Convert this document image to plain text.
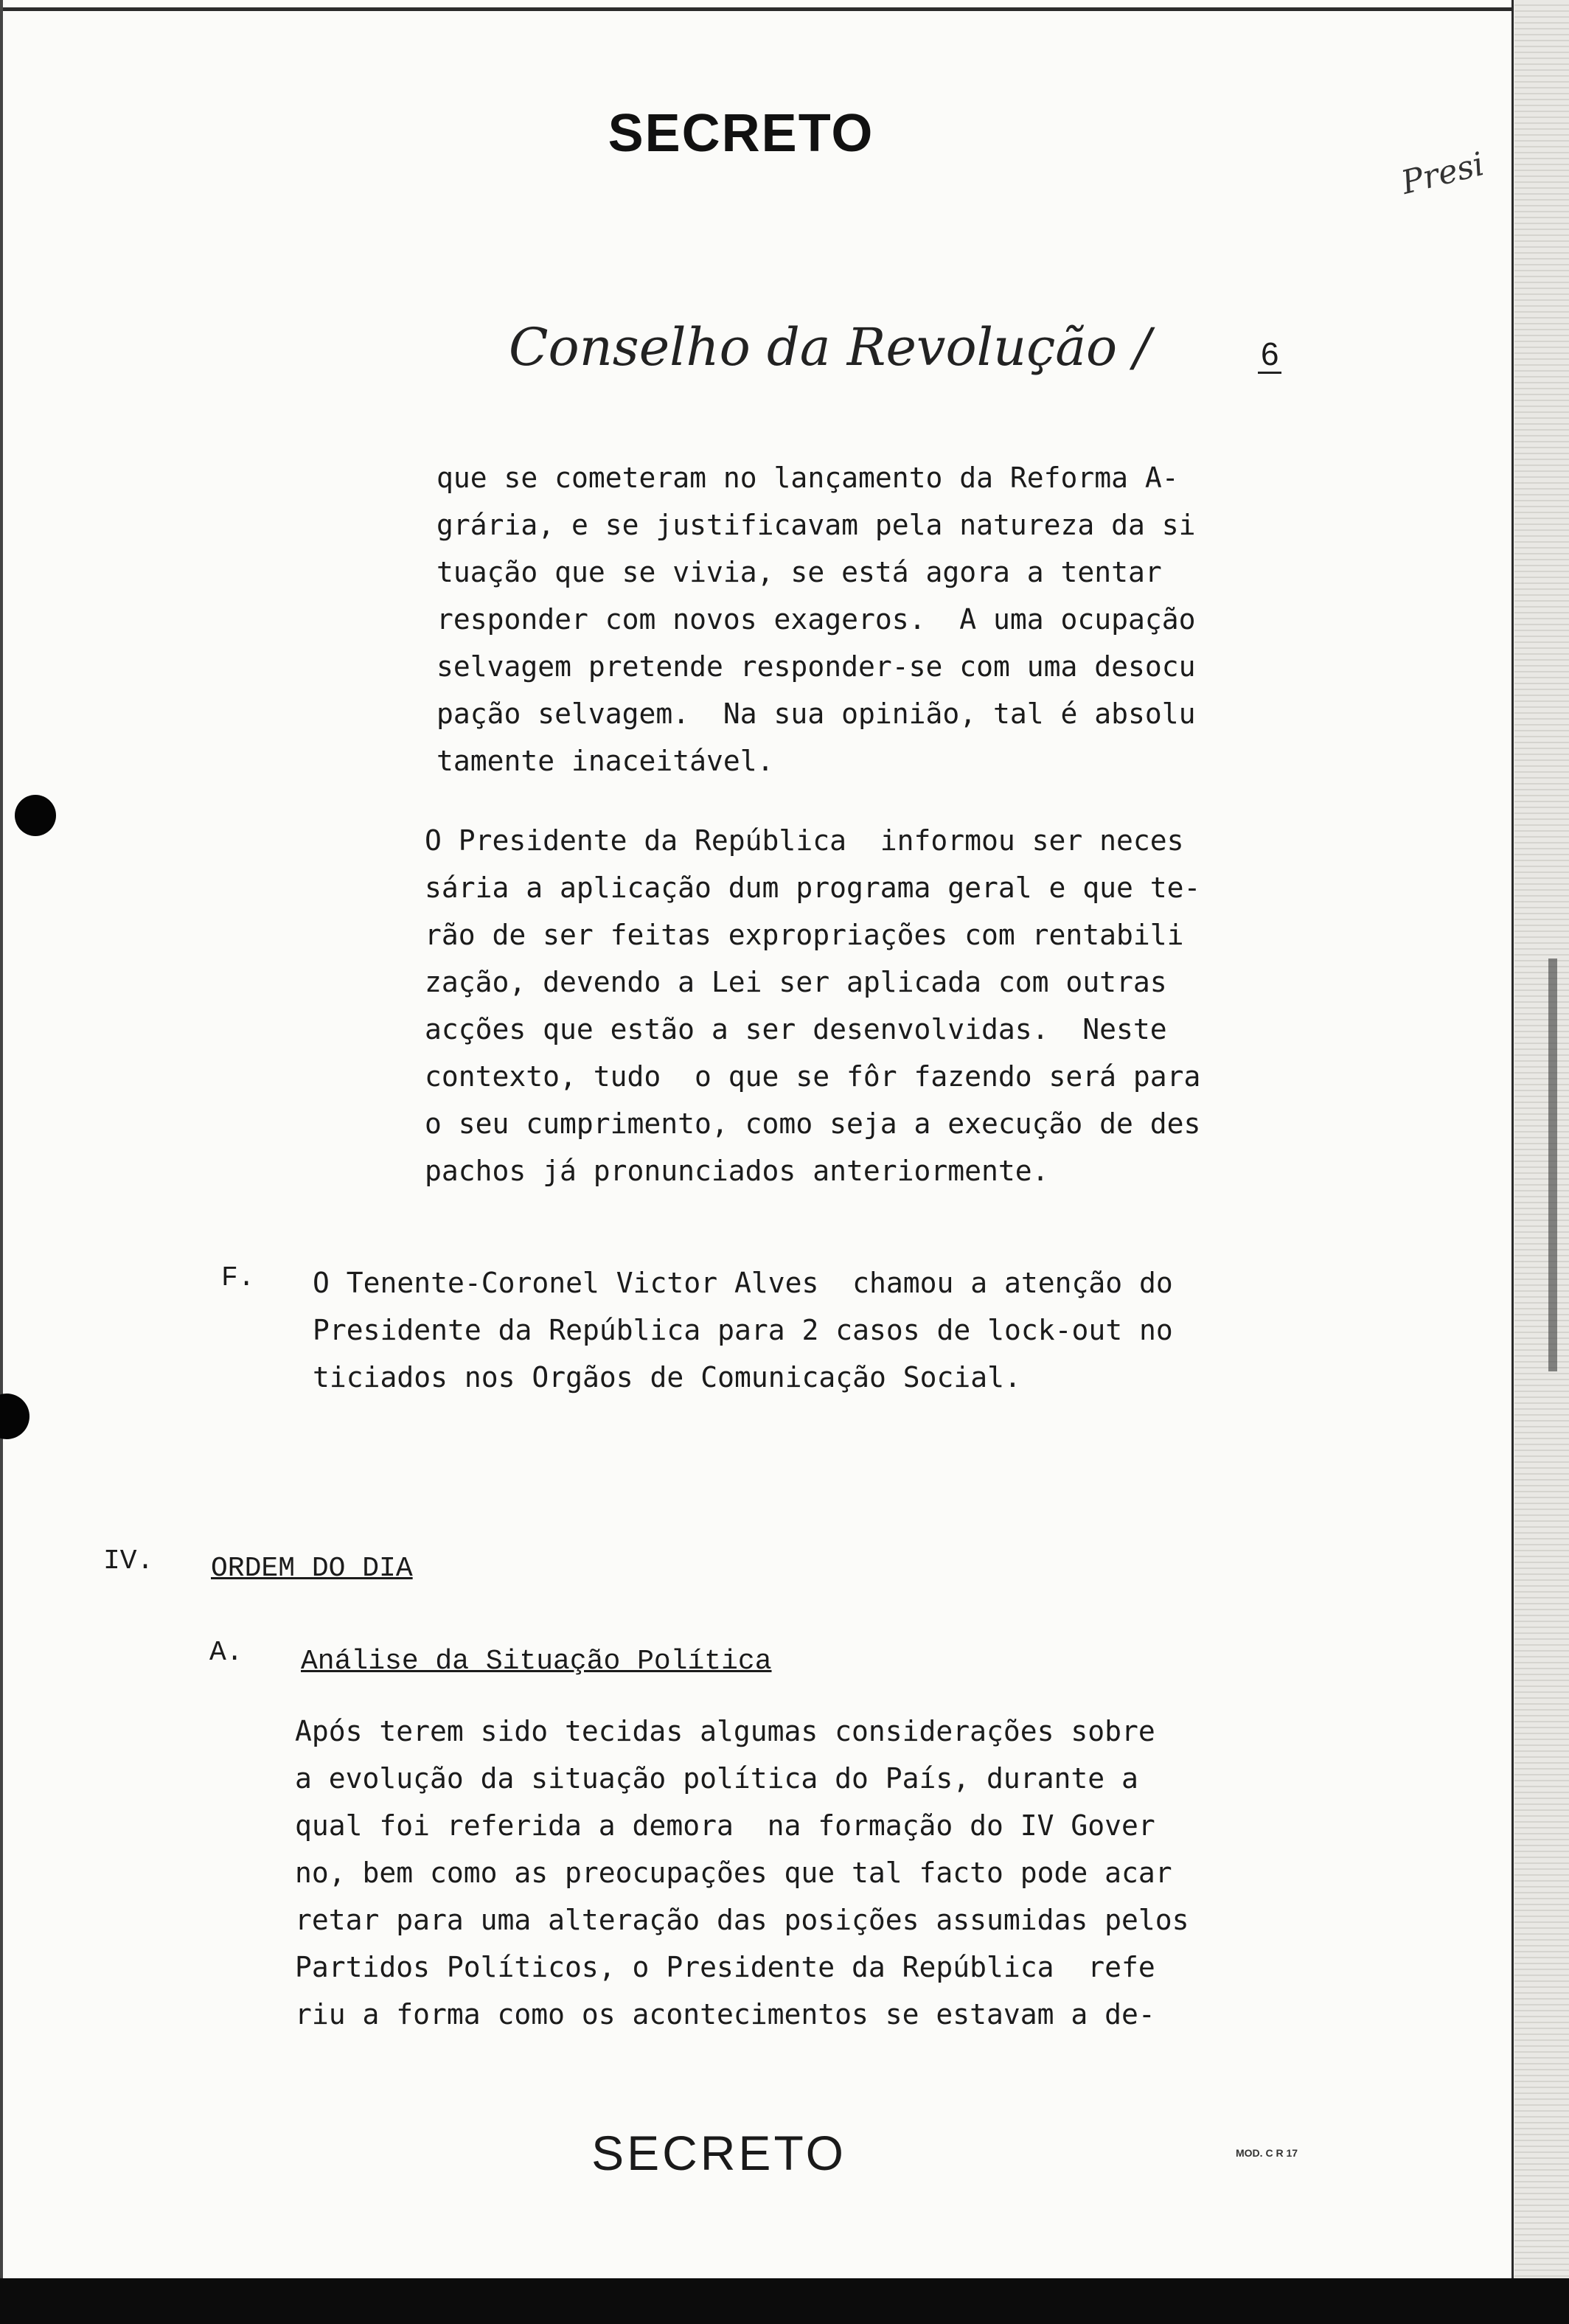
SECRETO
Conselho da Revolução /	6
Presi
que se cometeram no lançamento da Reforma A-
grária, e se justificavam pela natureza da si
tuação que se vivia, se está agora a tentar
responder com novos exageros.  A uma ocupação
selvagem pretende responder-se com uma desocu
pação selvagem.  Na sua opinião, tal é absolu
tamente inaceitável.
O Presidente da República  informou ser neces
sária a aplicação dum programa geral e que te-
rão de ser feitas expropriações com rentabili
zação, devendo a Lei ser aplicada com outras
acções que estão a ser desenvolvidas.  Neste
contexto, tudo  o que se fôr fazendo será para
o seu cumprimento, como seja a execução de des
pachos já pronunciados anteriormente.
F. O Tenente-Coronel Victor Alves  chamou a atenção do
Presidente da República para 2 casos de lock-out no
ticiados nos Orgãos de Comunicação Social.
IV. ORDEM DO DIA
A. Análise da Situação Política
Após terem sido tecidas algumas considerações sobre
a evolução da situação política do País, durante a
qual foi referida a demora  na formação do IV Gover
no, bem como as preocupações que tal facto pode acar
retar para uma alteração das posições assumidas pelos
Partidos Políticos, o Presidente da República  refe
riu a forma como os acontecimentos se estavam a de-
SECRETO	MOD. C R 17
